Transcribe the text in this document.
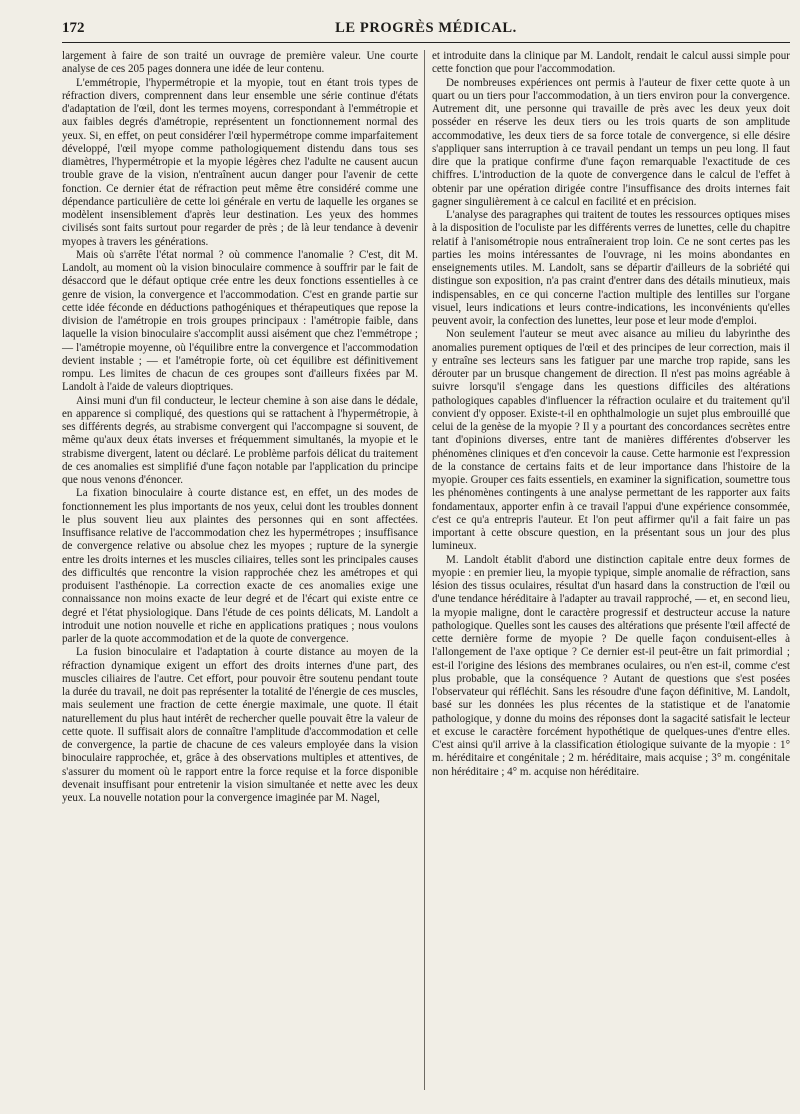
172	LE PROGRÈS MÉDICAL.

largement à faire de son traité un ouvrage de première valeur. Une courte analyse de ces 205 pages donnera une idée de leur contenu.

L'emmétropie, l'hypermétropie et la myopie, tout en étant trois types de réfraction divers, comprennent dans leur ensemble une série continue d'états d'adaptation de l'œil, dont les termes moyens, correspondant à l'emmétropie et aux faibles degrés d'amétropie, représentent un fonctionnement normal des yeux. Si, en effet, on peut considérer l'œil hypermétrope comme imparfaitement développé, l'œil myope comme pathologiquement distendu dans tous ses diamètres, l'hypermétropie et la myopie légères chez l'adulte ne causent aucun trouble grave de la vision, n'entraînent aucun danger pour l'avenir de cette fonction. Ce dernier état de réfraction peut même être considéré comme une dépendance particulière de cette loi générale en vertu de laquelle les organes se modèlent insensiblement d'après leur destination. Les yeux des hommes civilisés sont faits surtout pour regarder de près ; de là leur tendance à devenir myopes à travers les générations.

Mais où s'arrête l'état normal ? où commence l'anomalie ? C'est, dit M. Landolt, au moment où la vision binoculaire commence à souffrir par le fait de désaccord que le défaut optique crée entre les deux fonctions essentielles à ce genre de vision, la convergence et l'accommodation. C'est en grande partie sur cette idée féconde en déductions pathogéniques et thérapeutiques que repose la division de l'amétropie en trois groupes principaux : l'amétropie faible, dans laquelle la vision binoculaire s'accomplit aussi aisément que chez l'emmétrope ; — l'amétropie moyenne, où l'équilibre entre la convergence et l'accommodation devient instable ; — et l'amétropie forte, où cet équilibre est définitivement rompu. Les limites de chacun de ces groupes sont d'ailleurs fixées par M. Landolt à l'aide de valeurs dioptriques.

Ainsi muni d'un fil conducteur, le lecteur chemine à son aise dans le dédale, en apparence si compliqué, des questions qui se rattachent à l'hypermétropie, à ses différents degrés, au strabisme convergent qui l'accompagne si souvent, de même qu'aux deux états inverses et fréquemment simultanés, la myopie et le strabisme divergent, latent ou déclaré. Le problème parfois délicat du traitement de ces anomalies est simplifié d'une façon notable par l'application du principe que nous venons d'énoncer.

La fixation binoculaire à courte distance est, en effet, un des modes de fonctionnement les plus importants de nos yeux, celui dont les troubles donnent le plus souvent lieu aux plaintes des personnes qui en sont affectées. Insuffisance relative de l'accommodation chez les hypermétropes ; insuffisance de convergence relative ou absolue chez les myopes ; rupture de la synergie entre les droits internes et les muscles ciliaires, telles sont les principales causes des difficultés que rencontre la vision rapprochée chez les amétropes et qui produisent l'asthénopie. La correction exacte de ces anomalies exige une connaissance non moins exacte de leur degré et de l'écart qui existe entre ce degré et l'état physiologique. Dans l'étude de ces points délicats, M. Landolt a introduit une notion nouvelle et riche en applications pratiques ; nous voulons parler de la quote accommodation et de la quote de convergence.

La fusion binoculaire et l'adaptation à courte distance au moyen de la réfraction dynamique exigent un effort des droits internes d'une part, des muscles ciliaires de l'autre. Cet effort, pour pouvoir être soutenu pendant toute la durée du travail, ne doit pas représenter la totalité de l'énergie de ces muscles, mais seulement une fraction de cette énergie maximale, une quote. Il était naturellement du plus haut intérêt de rechercher quelle pouvait être la valeur de cette quote. Il suffisait alors de connaître l'amplitude d'accommodation et celle de convergence, la partie de chacune de ces valeurs employée dans la vision binoculaire rapprochée, et, grâce à des observations multiples et attentives, de s'assurer du moment où le rapport entre la force requise et la force disponible devenait insuffisant pour entretenir la vision simultanée et nette avec les deux yeux. La nouvelle notation pour la convergence imaginée par M. Nagel,

et introduite dans la clinique par M. Landolt, rendait le calcul aussi simple pour cette fonction que pour l'accommodation.

De nombreuses expériences ont permis à l'auteur de fixer cette quote à un quart ou un tiers pour l'accommodation, à un tiers environ pour la convergence. Autrement dit, une personne qui travaille de près avec les deux yeux doit posséder en réserve les deux tiers ou les trois quarts de son amplitude accommodative, les deux tiers de sa force totale de convergence, si elle désire s'appliquer sans interruption à ce travail pendant un temps un peu long. Il faut dire que la pratique confirme d'une façon remarquable l'exactitude de ces chiffres. L'introduction de la quote de convergence dans le calcul de l'effet à obtenir par une opération dirigée contre l'insuffisance des droits internes fait gagner singulièrement à ce calcul en facilité et en précision.

L'analyse des paragraphes qui traitent de toutes les ressources optiques mises à la disposition de l'oculiste par les différents verres de lunettes, celle du chapitre relatif à l'anisométropie nous entraîneraient trop loin. Ce ne sont certes pas les parties les moins intéressantes de l'ouvrage, ni les moins abondantes en enseignements utiles. M. Landolt, sans se départir d'ailleurs de la sobriété qui distingue son exposition, n'a pas craint d'entrer dans des détails minutieux, mais indispensables, en ce qui concerne l'action multiple des lentilles sur l'organe visuel, leurs indications et leurs contre-indications, les inconvénients qu'elles peuvent avoir, la confection des lunettes, leur pose et leur mode d'emploi.

Non seulement l'auteur se meut avec aisance au milieu du labyrinthe des anomalies purement optiques de l'œil et des principes de leur correction, mais il y entraîne ses lecteurs sans les fatiguer par une marche trop rapide, sans les dérouter par un brusque changement de direction. Il n'est pas moins agréable à suivre lorsqu'il s'engage dans les questions difficiles des altérations pathologiques capables d'influencer la réfraction oculaire et du traitement qu'il convient d'y opposer. Existe-t-il en ophthalmologie un sujet plus embrouillé que celui de la genèse de la myopie ? Il y a pourtant des concordances secrètes entre tant d'opinions diverses, entre tant de manières différentes d'observer les phénomènes cliniques et d'en concevoir la cause. Cette harmonie est l'expression de la constance de certains faits et de leur importance dans l'histoire de la myopie. Grouper ces faits essentiels, en examiner la signification, soumettre tous les phénomènes contingents à une analyse permettant de les rapporter aux faits fondamentaux, apporter enfin à ce travail l'appui d'une expérience consommée, c'est ce qu'a entrepris l'auteur. Et l'on peut affirmer qu'il a fait faire un pas important à cette obscure question, en la présentant sous un jour des plus lumineux.

M. Landolt établit d'abord une distinction capitale entre deux formes de myopie : en premier lieu, la myopie typique, simple anomalie de réfraction, sans lésion des tissus oculaires, résultat d'un hasard dans la construction de l'œil ou d'une tendance héréditaire à l'adapter au travail rapproché, — et, en second lieu, la myopie maligne, dont le caractère progressif et destructeur accuse la nature pathologique. Quelles sont les causes des altérations que présente l'œil affecté de cette dernière forme de myopie ? De quelle façon conduisent-elles à l'allongement de l'axe optique ? Ce dernier est-il peut-être un fait primordial ; est-il l'origine des lésions des membranes oculaires, ou n'en est-il, comme c'est plus probable, que la conséquence ? Autant de questions que s'est posées l'observateur qui réfléchit. Sans les résoudre d'une façon définitive, M. Landolt, basé sur les données les plus récentes de la statistique et de l'anatomie pathologique, y donne du moins des réponses dont la sagacité satisfait le lecteur et excuse le caractère forcément hypothétique de quelques-unes d'entre elles. C'est ainsi qu'il arrive à la classification étiologique suivante de la myopie : 1° m. héréditaire et congénitale ; 2 m. héréditaire, mais acquise ; 3° m. congénitale non héréditaire ; 4° m. acquise non héréditaire.
